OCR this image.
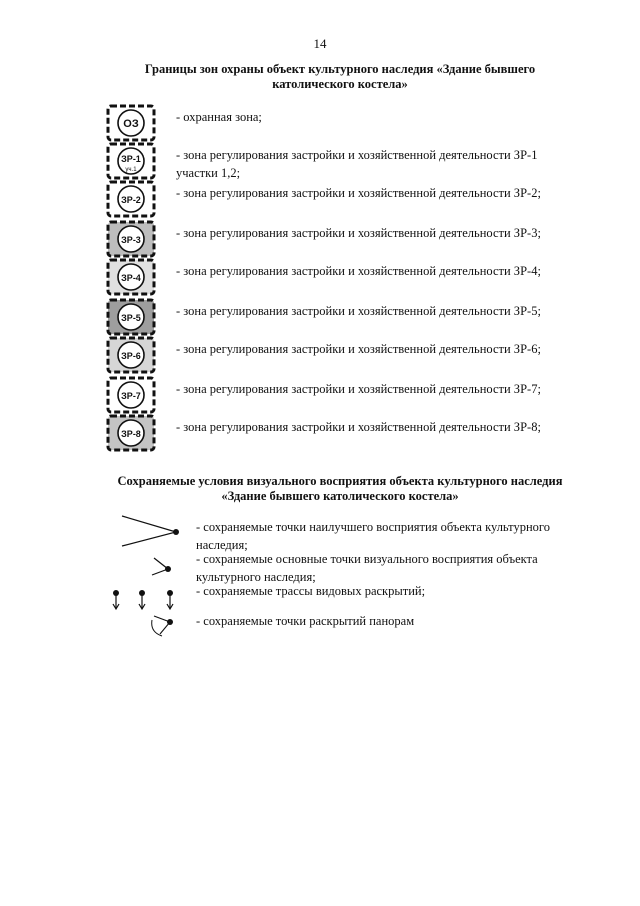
14
Границы зон охраны объект культурного наследия «Здание бывшего
католического костела»
ОЗ	- охранная зона;
ЗР-1
уч.1
- зона регулирования застройки и хозяйственной деятельности ЗР-1
участки 1,2;
ЗР-2	- зона регулирования застройки и хозяйственной деятельности ЗР-2;
ЗР-3	- зона регулирования застройки и хозяйственной деятельности ЗР-3;
ЗР-4	- зона регулирования застройки и хозяйственной деятельности ЗР-4;
ЗР-5	- зона регулирования застройки и хозяйственной деятельности ЗР-5;
ЗР-6	- зона регулирования застройки и хозяйственной деятельности ЗР-6;
ЗР-7	- зона регулирования застройки и хозяйственной деятельности ЗР-7;
ЗР-8	- зона регулирования застройки и хозяйственной деятельности ЗР-8;
Сохраняемые условия визуального восприятия объекта культурного наследия
«Здание бывшего католического костела»
- сохраняемые точки наилучшего восприятия объекта культурного
наследия;
- сохраняемые основные точки визуального восприятия объекта
культурного наследия;
- сохраняемые трассы видовых раскрытий;
- сохраняемые точки раскрытий панорам
